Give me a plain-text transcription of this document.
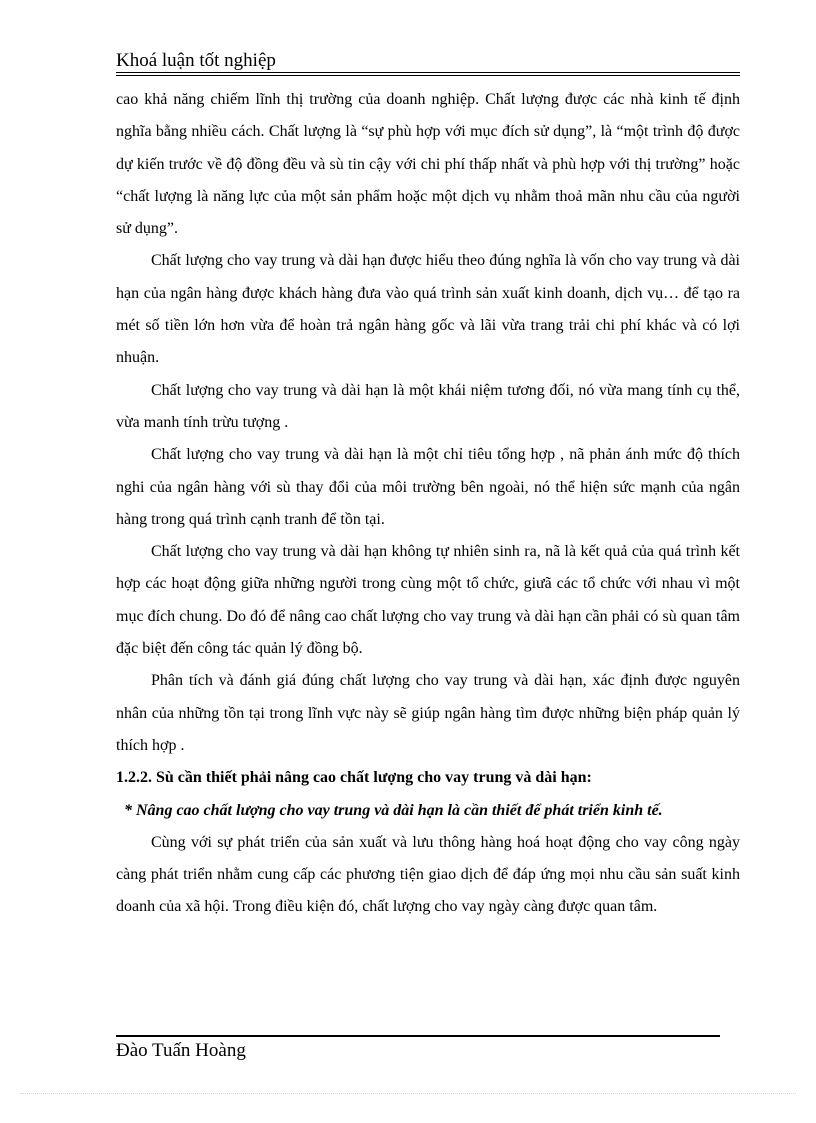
Khoá luận tốt nghiệp

cao khả năng chiếm lĩnh thị trường của doanh nghiệp. Chất lượng được các nhà kinh tế định nghĩa bằng nhiều cách. Chất lượng là “sự phù hợp với mục đích sử dụng”, là “một trình độ được dự kiến trước về độ đồng đều và sù tin cậy với chi phí thấp nhất và phù hợp với thị trường” hoặc “chất lượng là năng lực của một sản phẩm hoặc một dịch vụ nhằm thoả mãn nhu cầu của người sử dụng”.

Chất lượng cho vay trung và dài hạn được hiểu theo đúng nghĩa là vốn cho vay trung và dài hạn của ngân hàng được khách hàng đưa vào quá trình sản xuất kinh doanh, dịch vụ… để tạo ra mét số tiền lớn hơn vừa để hoàn trả ngân hàng gốc và lãi vừa trang trải chi phí khác và có lợi nhuận.

Chất lượng cho vay trung và dài hạn là một khái niệm tương đối, nó vừa mang tính cụ thể, vừa manh tính trừu tượng .

Chất lượng cho vay trung và dài hạn là một chỉ tiêu tổng hợp , nã phản ánh mức độ thích nghi của ngân hàng với sù thay đổi của môi trường bên ngoài, nó thể hiện sức mạnh của ngân hàng trong quá trình cạnh tranh để tồn tại.

Chất lượng cho vay trung và dài hạn không tự nhiên sinh ra, nã là kết quả của quá trình kết hợp các hoạt động giữa những người trong cùng một tổ chức, giưã các tổ chức với nhau vì một mục đích chung. Do đó để nâng cao chất lượng cho vay trung và dài hạn cần phải có sù quan tâm đặc biệt đến công tác quản lý đồng bộ.

Phân tích và đánh giá đúng chất lượng cho vay trung và dài hạn, xác định được nguyên nhân của những tồn tại trong lĩnh vực này sẽ giúp ngân hàng tìm được những biện pháp quản lý thích hợp .

1.2.2. Sù cần thiết phải nâng cao chất lượng cho vay trung và dài hạn:

* Nâng cao chất lượng cho vay trung và dài hạn là cần thiết để phát triển kinh tế.

Cùng với sự phát triển của sản xuất và lưu thông hàng hoá hoạt động cho vay công ngày càng phát triển nhằm cung cấp các phương tiện giao dịch để đáp ứng mọi nhu cầu sản suất kinh doanh của xã hội. Trong điều kiện đó, chất lượng cho vay ngày càng được quan tâm.

Đào Tuấn Hoàng
